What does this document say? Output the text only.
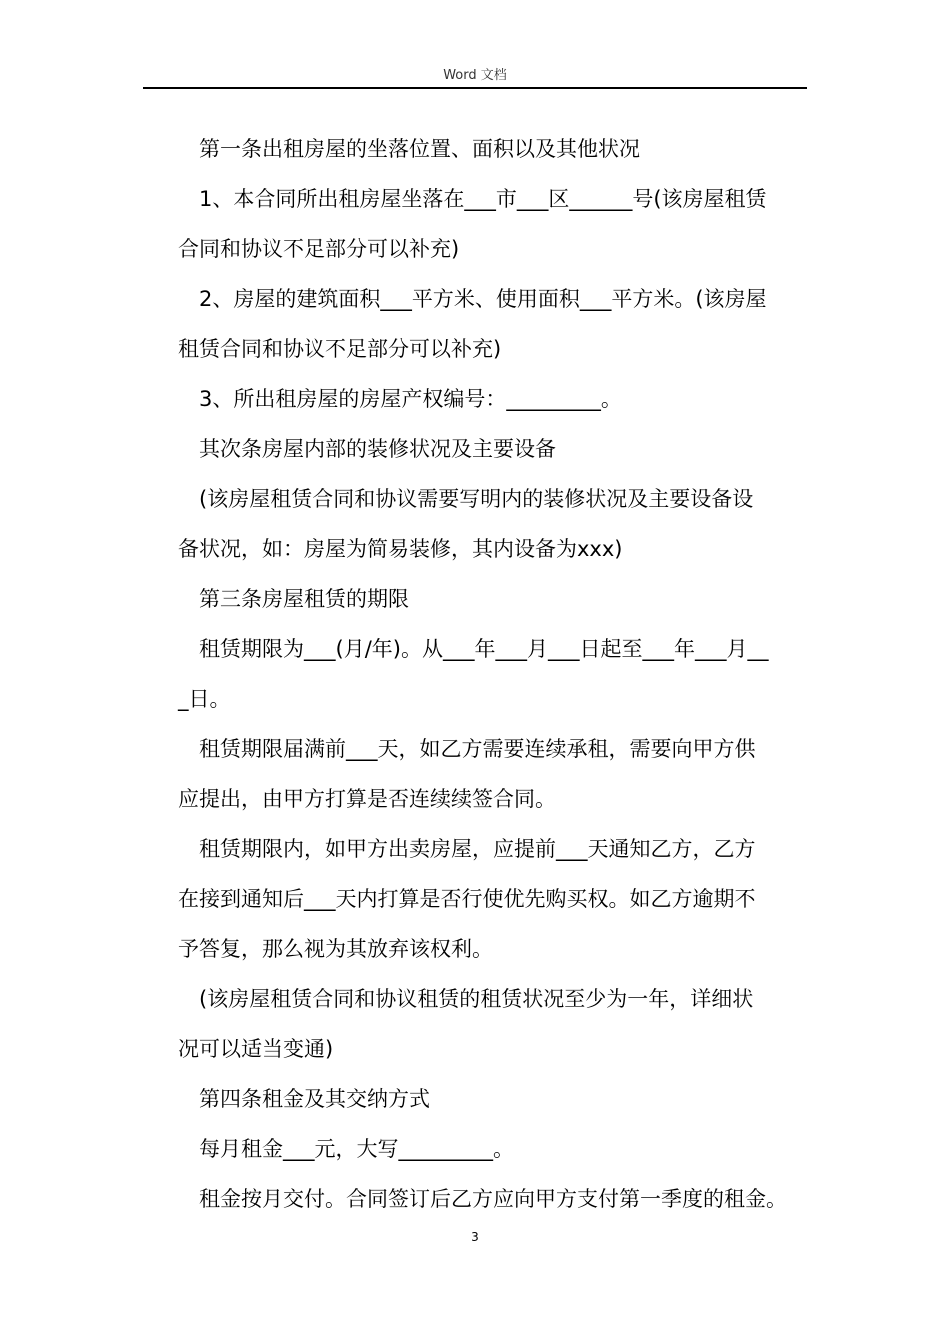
Word 文档
第一条出租房屋的坐落位置、面积以及其他状况
1、本合同所出租房屋坐落在___市___区______号(该房屋租赁
合同和协议不足部分可以补充)
2、房屋的建筑面积___平方米、使用面积___平方米。(该房屋
租赁合同和协议不足部分可以补充)
3、所出租房屋的房屋产权编号：_________。
其次条房屋内部的装修状况及主要设备
(该房屋租赁合同和协议需要写明内的装修状况及主要设备设
备状况，如：房屋为简易装修，其内设备为xxx)
第三条房屋租赁的期限
租赁期限为___(月/年)。从___年___月___日起至___年___月__
_日。
租赁期限届满前___天，如乙方需要连续承租，需要向甲方供
应提出，由甲方打算是否连续续签合同。
租赁期限内，如甲方出卖房屋，应提前___天通知乙方，乙方
在接到通知后___天内打算是否行使优先购买权。如乙方逾期不
予答复，那么视为其放弃该权利。
(该房屋租赁合同和协议租赁的租赁状况至少为一年，详细状
况可以适当变通)
第四条租金及其交纳方式
每月租金___元，大写_________。
租金按月交付。合同签订后乙方应向甲方支付第一季度的租金。
3
